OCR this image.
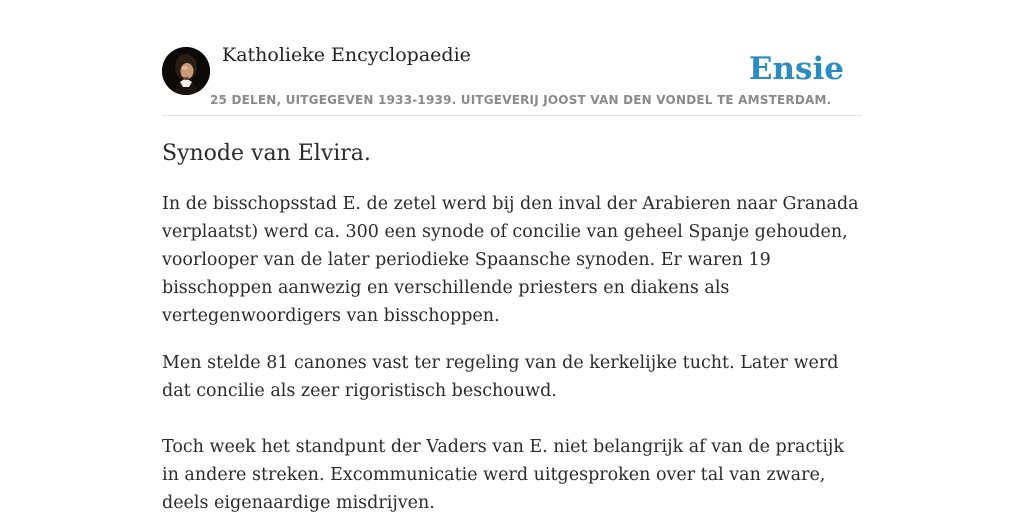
Katholieke Encyclopaedie
25 DELEN, UITGEGEVEN 1933-1939. UITGEVERIJ JOOST VAN DEN VONDEL TE AMSTERDAM.
Ensie
Synode van Elvira.

In de bisschopsstad E. de zetel werd bij den inval der Arabieren naar Granada verplaatst) werd ca. 300 een synode of concilie van geheel Spanje gehouden, voorlooper van de later periodieke Spaansche synoden. Er waren 19 bisschoppen aanwezig en verschillende priesters en diakens als vertegenwoordigers van bisschoppen.

Men stelde 81 canones vast ter regeling van de kerkelijke tucht. Later werd dat concilie als zeer rigoristisch beschouwd.

Toch week het standpunt der Vaders van E. niet belangrijk af van de practijk in andere streken. Excommunicatie werd uitgesproken over tal van zware, deels eigenaardige misdrijven.
